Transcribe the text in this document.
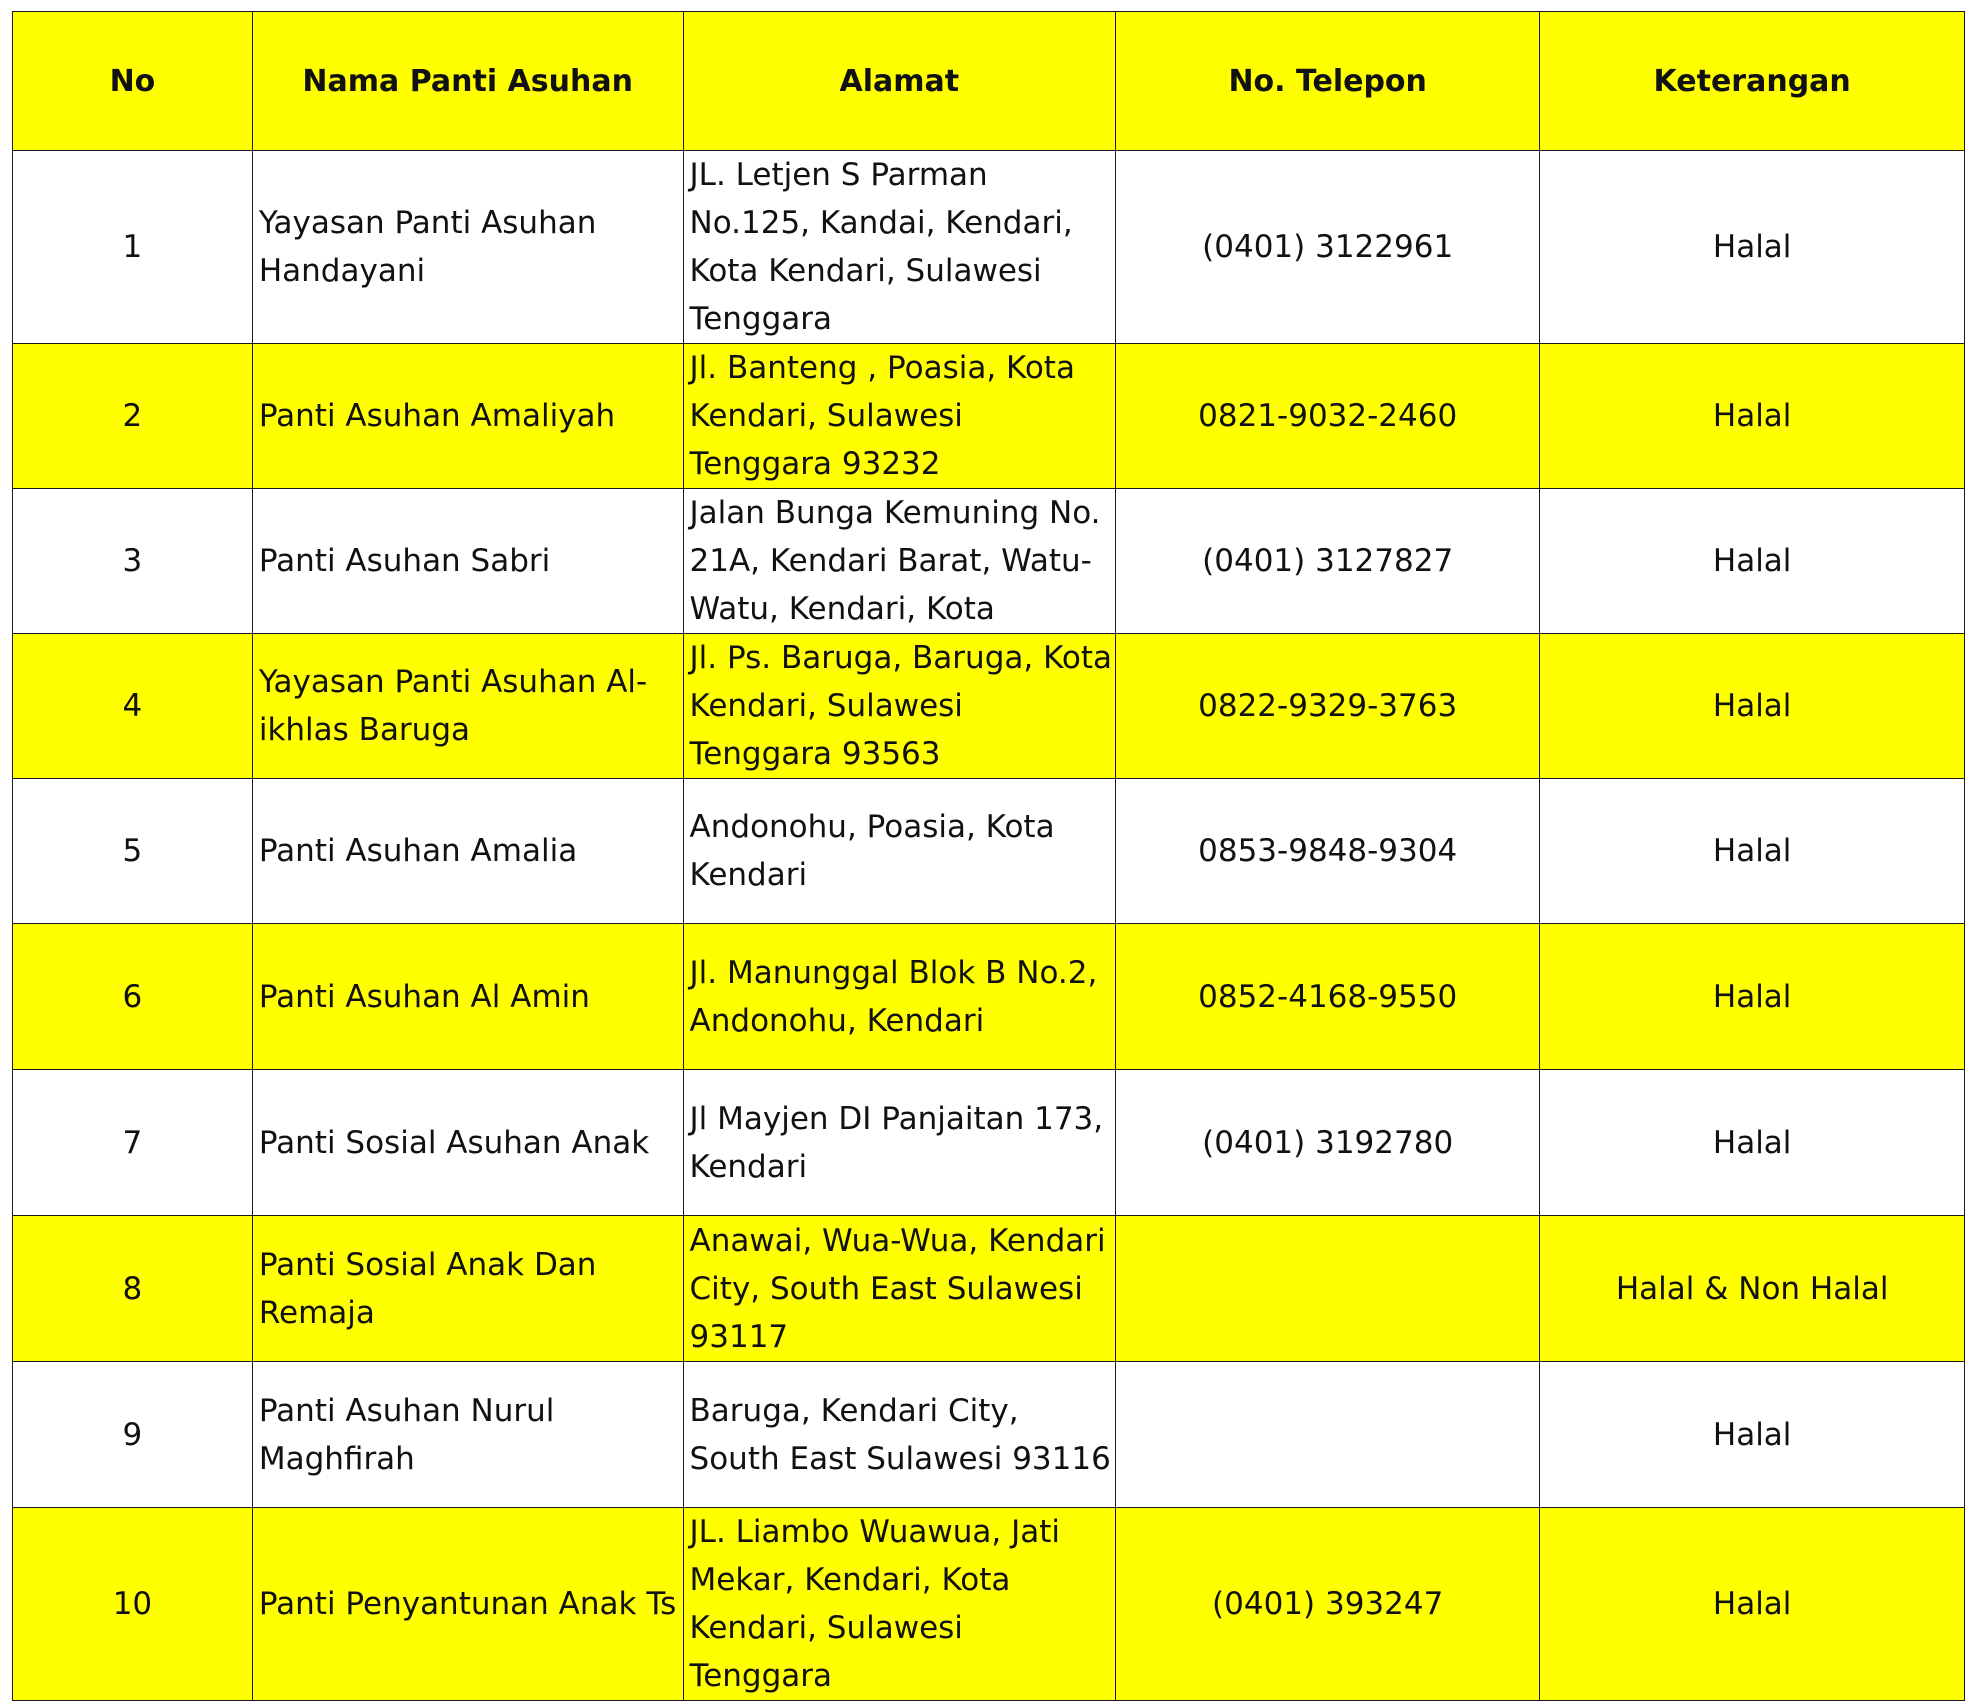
No	Nama Panti Asuhan	Alamat	No. Telepon	Keterangan
1	Yayasan Panti Asuhan Handayani	JL. Letjen S Parman No.125, Kandai, Kendari, Kota Kendari, Sulawesi Tenggara	(0401) 3122961	Halal
2	Panti Asuhan Amaliyah	Jl. Banteng , Poasia, Kota Kendari, Sulawesi Tenggara 93232	0821-9032-2460	Halal
3	Panti Asuhan Sabri	Jalan Bunga Kemuning No. 21A, Kendari Barat, Watu-Watu, Kendari, Kota	(0401) 3127827	Halal
4	Yayasan Panti Asuhan Al-ikhlas Baruga	Jl. Ps. Baruga, Baruga, Kota Kendari, Sulawesi Tenggara 93563	0822-9329-3763	Halal
5	Panti Asuhan Amalia	Andonohu, Poasia, Kota Kendari	0853-9848-9304	Halal
6	Panti Asuhan Al Amin	Jl. Manunggal Blok B No.2, Andonohu, Kendari	0852-4168-9550	Halal
7	Panti Sosial Asuhan Anak	Jl Mayjen DI Panjaitan 173, Kendari	(0401) 3192780	Halal
8	Panti Sosial Anak Dan Remaja	Anawai, Wua-Wua, Kendari City, South East Sulawesi 93117		Halal & Non Halal
9	Panti Asuhan Nurul Maghfirah	Baruga, Kendari City, South East Sulawesi 93116		Halal
10	Panti Penyantunan Anak Ts	JL. Liambo Wuawua, Jati Mekar, Kendari, Kota Kendari, Sulawesi Tenggara	(0401) 393247	Halal
